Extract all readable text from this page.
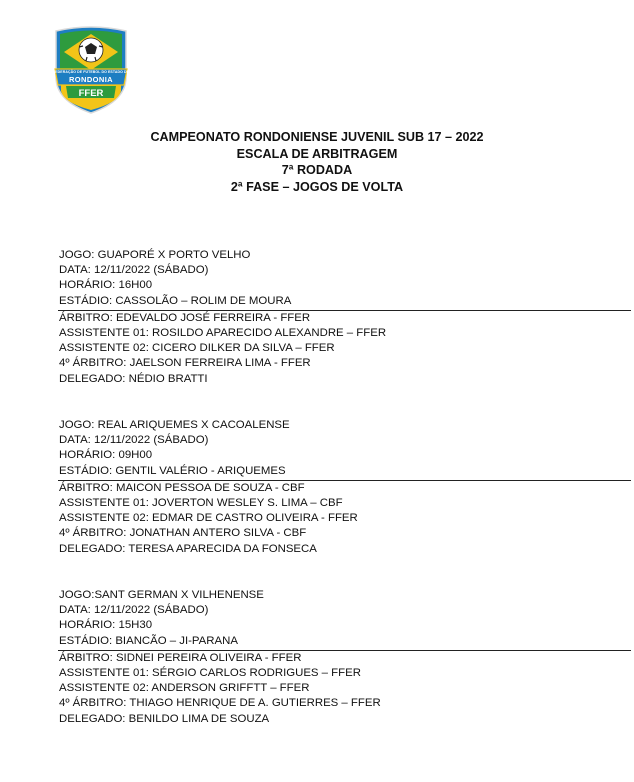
FEDERAÇÃO DE FUTEBOL DO ESTADO DE
RONDONIA
FFER
CAMPEONATO RONDONIENSE JUVENIL SUB 17 – 2022
ESCALA DE ARBITRAGEM
7ª RODADA
2ª FASE – JOGOS DE VOLTA
JOGO: GUAPORÉ X PORTO VELHO
DATA: 12/11/2022 (SÁBADO)
HORÁRIO: 16H00
ESTÁDIO: CASSOLÃO – ROLIM DE MOURA
ÁRBITRO: EDEVALDO JOSÉ FERREIRA - FFER
ASSISTENTE 01: ROSILDO APARECIDO ALEXANDRE – FFER
ASSISTENTE 02: CICERO DILKER DA SILVA – FFER
4º ÁRBITRO: JAELSON FERREIRA LIMA - FFER
DELEGADO: NÉDIO BRATTI
JOGO: REAL ARIQUEMES X CACOALENSE
DATA: 12/11/2022 (SÁBADO)
HORÁRIO: 09H00
ESTÁDIO: GENTIL VALÉRIO - ARIQUEMES
ÁRBITRO: MAICON PESSOA DE SOUZA - CBF
ASSISTENTE 01: JOVERTON WESLEY S. LIMA – CBF
ASSISTENTE 02: EDMAR DE CASTRO OLIVEIRA - FFER
4º ÁRBITRO: JONATHAN ANTERO SILVA - CBF
DELEGADO: TERESA APARECIDA DA FONSECA
JOGO:SANT GERMAN X VILHENENSE
DATA: 12/11/2022 (SÁBADO)
HORÁRIO: 15H30
ESTÁDIO: BIANCÃO – JI-PARANA
ÁRBITRO: SIDNEI PEREIRA OLIVEIRA - FFER
ASSISTENTE 01: SÉRGIO CARLOS RODRIGUES – FFER
ASSISTENTE 02: ANDERSON GRIFFTT – FFER
4º ÁRBITRO: THIAGO HENRIQUE DE A. GUTIERRES – FFER
DELEGADO: BENILDO LIMA DE SOUZA
